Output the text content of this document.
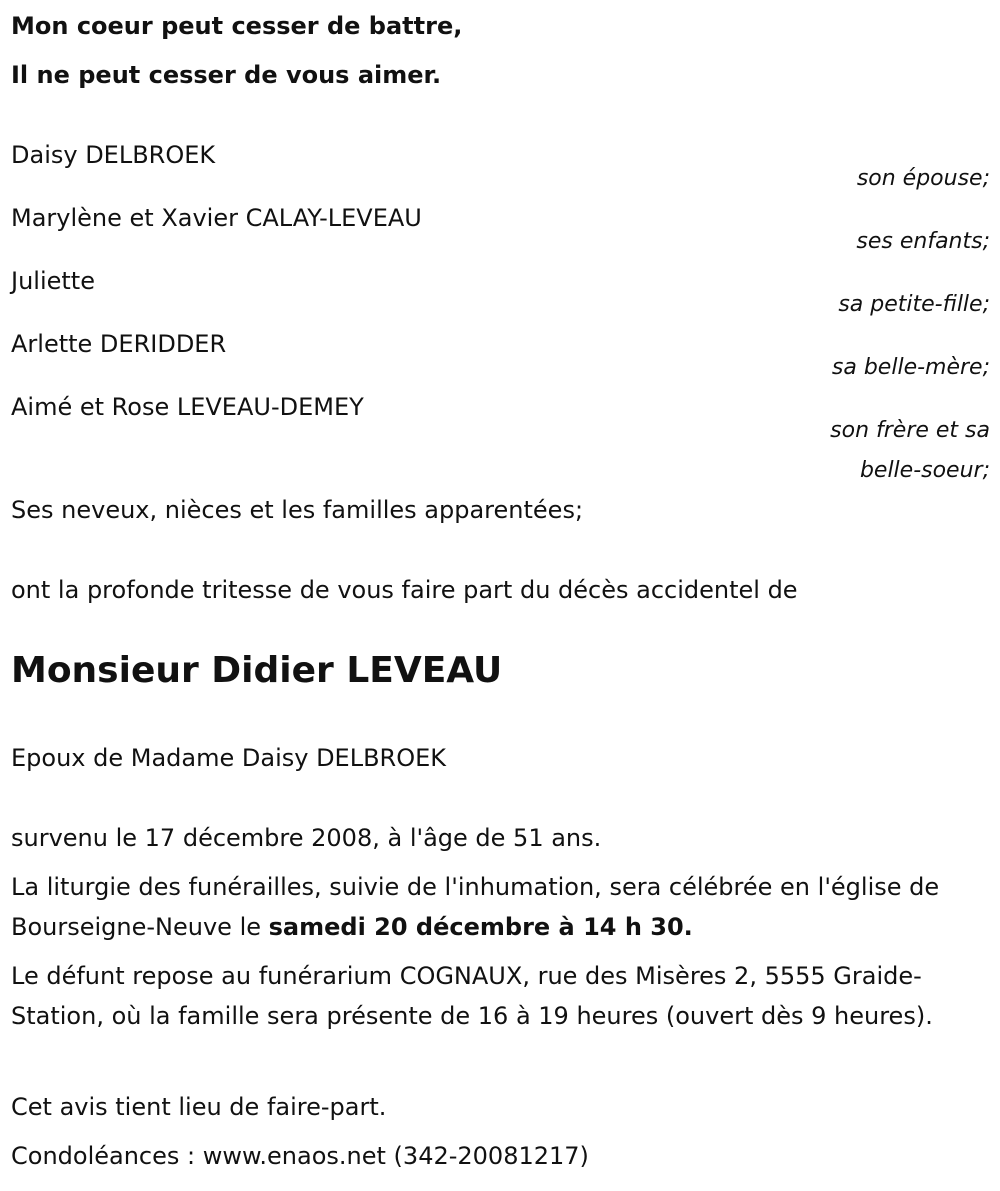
Mon coeur peut cesser de battre,
Il ne peut cesser de vous aimer.
Daisy DELBROEK
son épouse;
Marylène et Xavier CALAY-LEVEAU
ses enfants;
Juliette
sa petite-fille;
Arlette DERIDDER
sa belle-mère;
Aimé et Rose LEVEAU-DEMEY
son frère et sa
belle-soeur;
Ses neveux, nièces et les familles apparentées;
ont la profonde tritesse de vous faire part du décès accidentel de
Monsieur Didier LEVEAU
Epoux de Madame Daisy DELBROEK
survenu le 17 décembre 2008, à l'âge de 51 ans.
La liturgie des funérailles, suivie de l'inhumation, sera célébrée en l'église de Bourseigne-Neuve le samedi 20 décembre à 14 h 30.
Le défunt repose au funérarium COGNAUX, rue des Misères 2, 5555 Graide-Station, où la famille sera présente de 16 à 19 heures (ouvert dès 9 heures).
Cet avis tient lieu de faire-part.
Condoléances : www.enaos.net (342-20081217)
